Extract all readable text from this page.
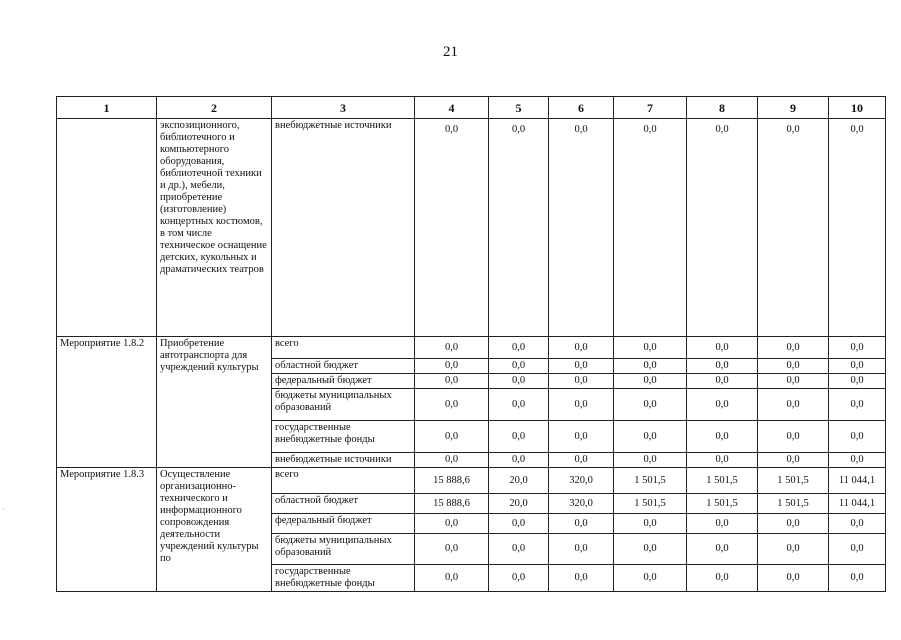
21
1	2	3	4	5	6	7	8	9	10
	экспозиционного, библиотечного и компьютерного оборудования, библиотечной техники и др.), мебели, приобретение (изготовление) концертных костюмов, в том числе техническое оснащение детских, кукольных и драматических театров	внебюджетные источники	0,0	0,0	0,0	0,0	0,0	0,0	0,0
Мероприятие 1.8.2	Приобретение автотранспорта для учреждений культуры	всего	0,0	0,0	0,0	0,0	0,0	0,0	0,0
		областной бюджет	0,0	0,0	0,0	0,0	0,0	0,0	0,0
		федеральный бюджет	0,0	0,0	0,0	0,0	0,0	0,0	0,0
		бюджеты муниципальных образований	0,0	0,0	0,0	0,0	0,0	0,0	0,0
		государственные внебюджетные фонды	0,0	0,0	0,0	0,0	0,0	0,0	0,0
		внебюджетные источники	0,0	0,0	0,0	0,0	0,0	0,0	0,0
Мероприятие 1.8.3	Осуществление организационно-технического и информационного сопровождения деятельности учреждений культуры по	всего	15 888,6	20,0	320,0	1 501,5	1 501,5	1 501,5	11 044,1
		областной бюджет	15 888,6	20,0	320,0	1 501,5	1 501,5	1 501,5	11 044,1
		федеральный бюджет	0,0	0,0	0,0	0,0	0,0	0,0	0,0
		бюджеты муниципальных образований	0,0	0,0	0,0	0,0	0,0	0,0	0,0
		государственные внебюджетные фонды	0,0	0,0	0,0	0,0	0,0	0,0	0,0
·
